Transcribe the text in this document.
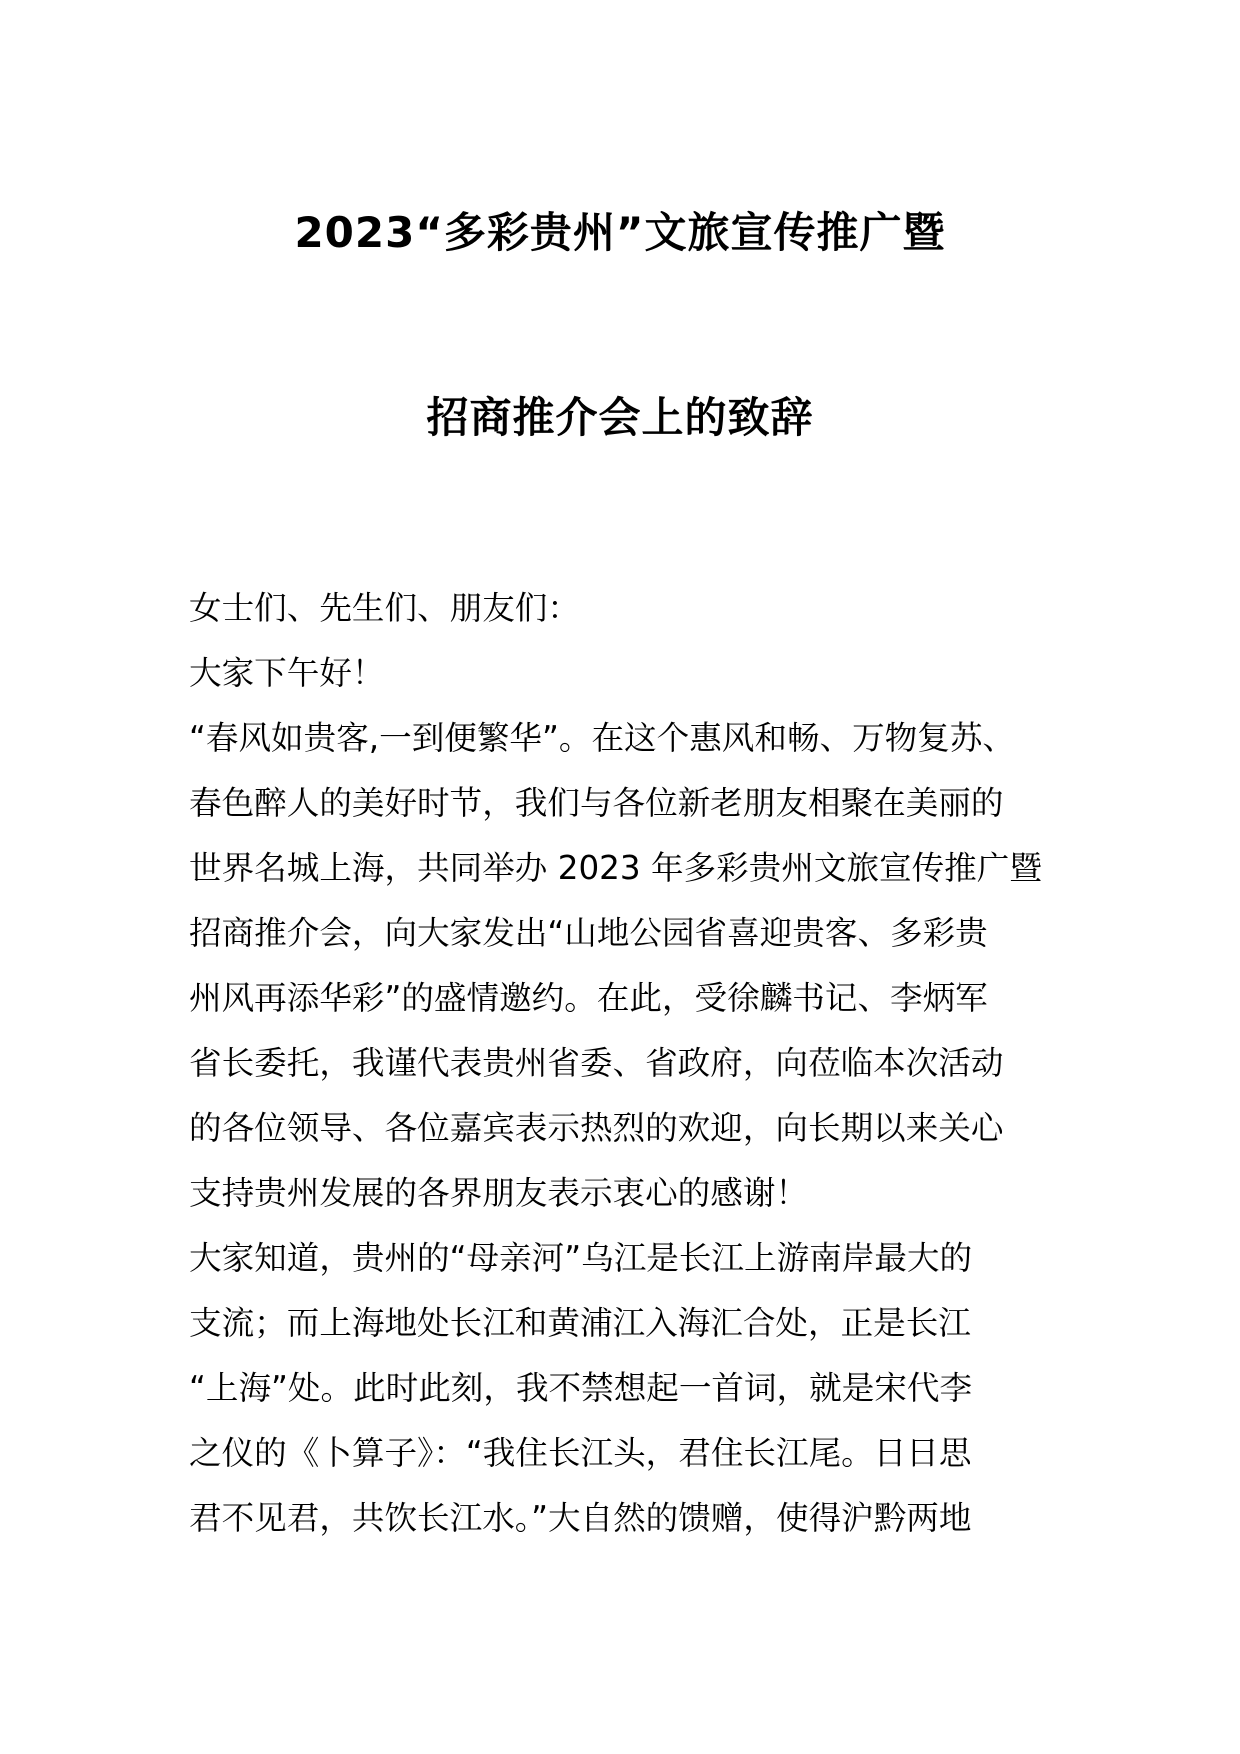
2023“多彩贵州”文旅宣传推广暨
招商推介会上的致辞
女士们、先生们、朋友们：
大家下午好！
“春风如贵客,一到便繁华”。在这个惠风和畅、万物复苏、
春色醉人的美好时节，我们与各位新老朋友相聚在美丽的
世界名城上海，共同举办 2023 年多彩贵州文旅宣传推广暨
招商推介会，向大家发出“山地公园省喜迎贵客、多彩贵
州风再添华彩”的盛情邀约。在此，受徐麟书记、李炳军
省长委托，我谨代表贵州省委、省政府，向莅临本次活动
的各位领导、各位嘉宾表示热烈的欢迎，向长期以来关心
支持贵州发展的各界朋友表示衷心的感谢！
大家知道，贵州的“母亲河”乌江是长江上游南岸最大的
支流；而上海地处长江和黄浦江入海汇合处，正是长江
“上海”处。此时此刻，我不禁想起一首词，就是宋代李
之仪的《卜算子》：“我住长江头，君住长江尾。日日思
君不见君，共饮长江水。”大自然的馈赠，使得沪黔两地
